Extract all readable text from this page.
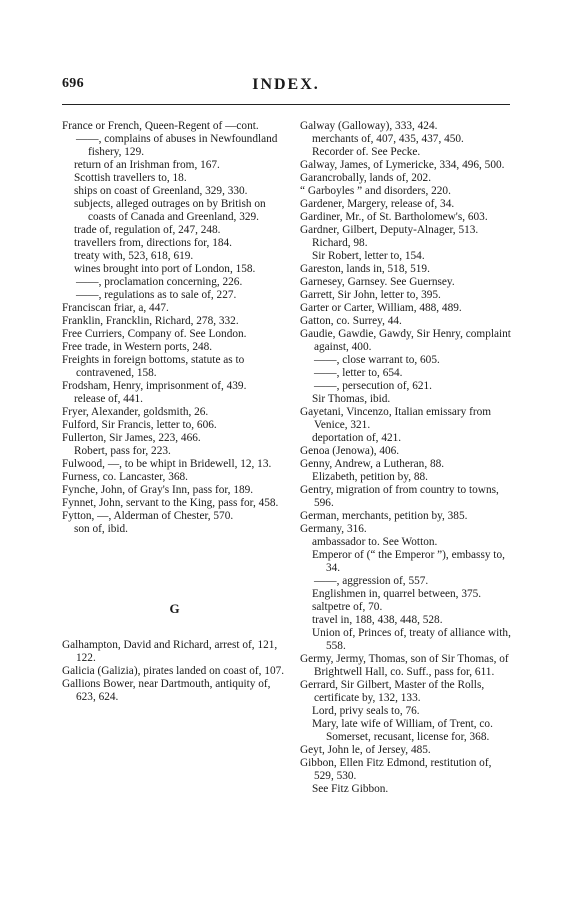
696	INDEX.
France or French, Queen-Regent of —cont.
——, complains of abuses in Newfoundland fishery, 129.
return of an Irishman from, 167.
Scottish travellers to, 18.
ships on coast of Greenland, 329, 330.
subjects, alleged outrages on by British on coasts of Canada and Greenland, 329.
trade of, regulation of, 247, 248.
travellers from, directions for, 184.
treaty with, 523, 618, 619.
wines brought into port of London, 158.
——, proclamation concerning, 226.
——, regulations as to sale of, 227.
Franciscan friar, a, 447.
Franklin, Francklin, Richard, 278, 332.
Free Curriers, Company of. See London.
Free trade, in Western ports, 248.
Freights in foreign bottoms, statute as to contravened, 158.
Frodsham, Henry, imprisonment of, 439.
release of, 441.
Fryer, Alexander, goldsmith, 26.
Fulford, Sir Francis, letter to, 606.
Fullerton, Sir James, 223, 466.
Robert, pass for, 223.
Fulwood, —, to be whipt in Bridewell, 12, 13.
Furness, co. Lancaster, 368.
Fynche, John, of Gray's Inn, pass for, 189.
Fynnet, John, servant to the King, pass for, 458.
Fytton, —, Alderman of Chester, 570.
son of, ibid.
G
Galhampton, David and Richard, arrest of, 121, 122.
Galicia (Galizia), pirates landed on coast of, 107.
Gallions Bower, near Dartmouth, antiquity of, 623, 624.
Galway (Galloway), 333, 424.
merchants of, 407, 435, 437, 450.
Recorder of. See Pecke.
Galway, James, of Lymericke, 334, 496, 500.
Garancrobally, lands of, 202.
“ Garboyles ” and disorders, 220.
Gardener, Margery, release of, 34.
Gardiner, Mr., of St. Bartholomew's, 603.
Gardner, Gilbert, Deputy-Alnager, 513.
Richard, 98.
Sir Robert, letter to, 154.
Gareston, lands in, 518, 519.
Garnesey, Garnsey. See Guernsey.
Garrett, Sir John, letter to, 395.
Garter or Carter, William, 488, 489.
Gatton, co. Surrey, 44.
Gaudie, Gawdie, Gawdy, Sir Henry, complaint against, 400.
——, close warrant to, 605.
——, letter to, 654.
——, persecution of, 621.
Sir Thomas, ibid.
Gayetani, Vincenzo, Italian emissary from Venice, 321.
deportation of, 421.
Genoa (Jenowa), 406.
Genny, Andrew, a Lutheran, 88.
Elizabeth, petition by, 88.
Gentry, migration of from country to towns, 596.
German, merchants, petition by, 385.
Germany, 316.
ambassador to. See Wotton.
Emperor of (“ the Emperor ”), embassy to, 34.
——, aggression of, 557.
Englishmen in, quarrel between, 375.
saltpetre of, 70.
travel in, 188, 438, 448, 528.
Union of, Princes of, treaty of alliance with, 558.
Germy, Jermy, Thomas, son of Sir Thomas, of Brightwell Hall, co. Suff., pass for, 611.
Gerrard, Sir Gilbert, Master of the Rolls, certificate by, 132, 133.
Lord, privy seals to, 76.
Mary, late wife of William, of Trent, co. Somerset, recusant, license for, 368.
Geyt, John le, of Jersey, 485.
Gibbon, Ellen Fitz Edmond, restitution of, 529, 530.
See Fitz Gibbon.
